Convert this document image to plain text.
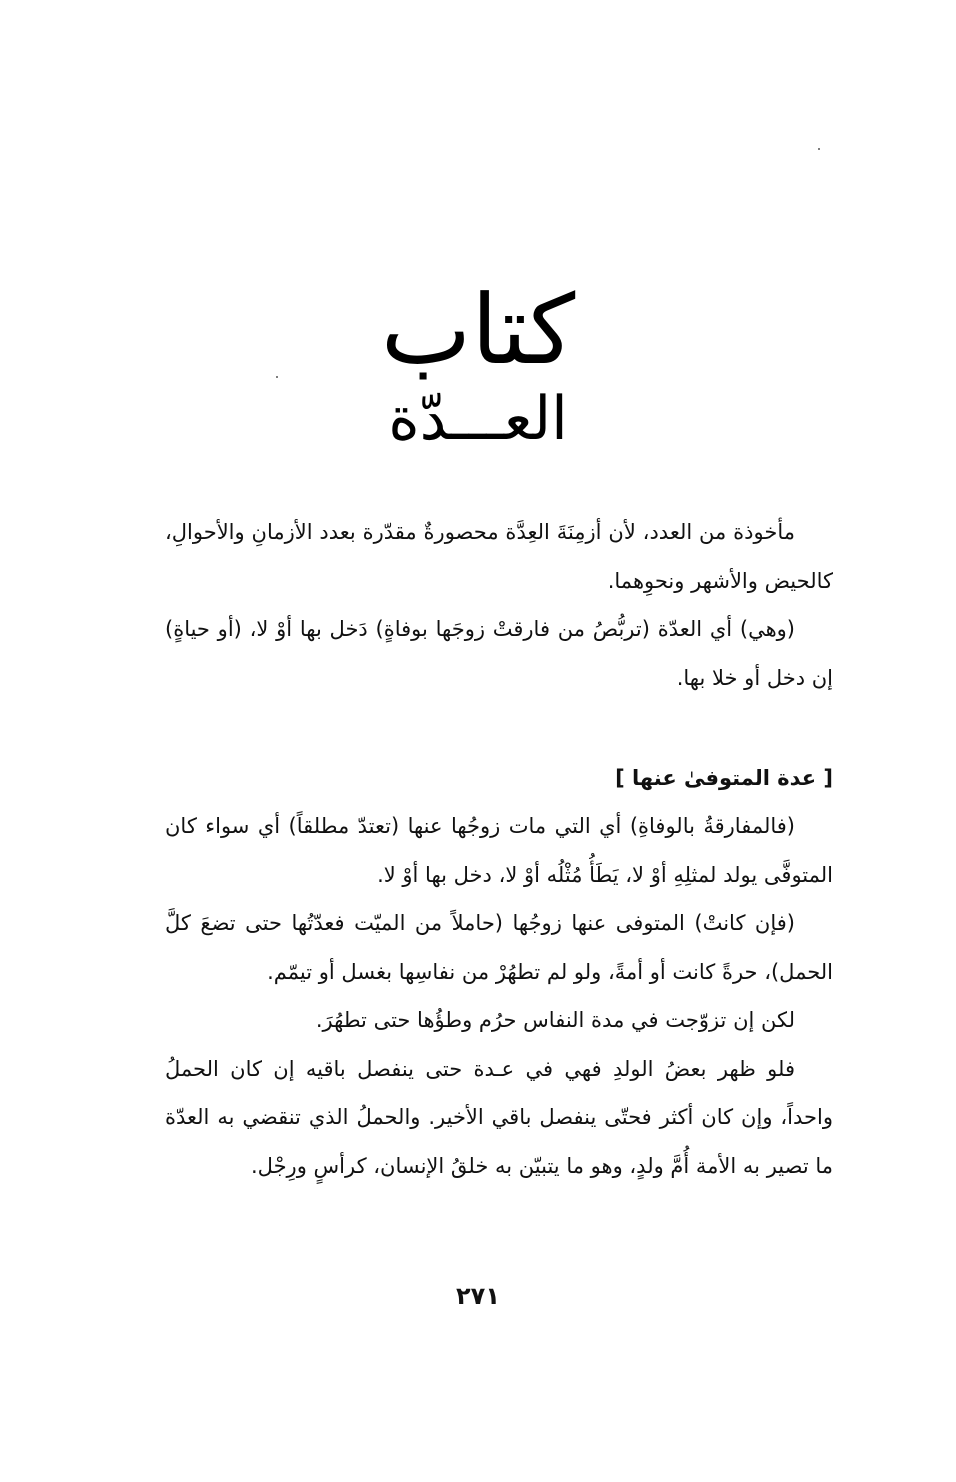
كتاب
العـــدّة

مأخوذة من العدد، لأن أزمِنَةَ العِدَّة محصورةٌ مقدّرة بعدد الأزمانِ والأحوالِ، كالحيض والأشهر ونحوِهما.

(وهي) أي العدّة (تربُّصُ من فارقتْ زوجَها بوفاةٍ) دَخل بها أوْ لا، (أو حياةٍ) إن دخل أو خلا بها.

[ عدة المتوفىٰ عنها ]

(فالمفارقةُ بالوفاةِ) أي التي مات زوجُها عنها (تعتدّ مطلقاً) أي سواء كان المتوفَّى يولد لمثلِهِ أوْ لا، يَطَأُ مُثْلُه أوْ لا، دخل بها أوْ لا.

(فإن كانتْ) المتوفى عنها زوجُها (حاملاً من الميّت فعدّتُها حتى تضعَ كلَّ الحمل)، حرةً كانت أو أمةً، ولو لم تطهُرْ من نفاسِها بغسل أو تيمّم.

لكن إن تزوّجت في مدة النفاس حرُم وطؤُها حتى تطهُرَ.

فلو ظهر بعضُ الولدِ فهي في عـدة حتى ينفصل باقيه إن كان الحملُ واحداً، وإن كان أكثر فحتّى ينفصل باقي الأخير. والحملُ الذي تنقضي به العدّة ما تصير به الأمة أُمَّ ولدٍ، وهو ما يتبيّن به خلقُ الإنسان، كرأسٍ ورِجْل.

٢٧١
